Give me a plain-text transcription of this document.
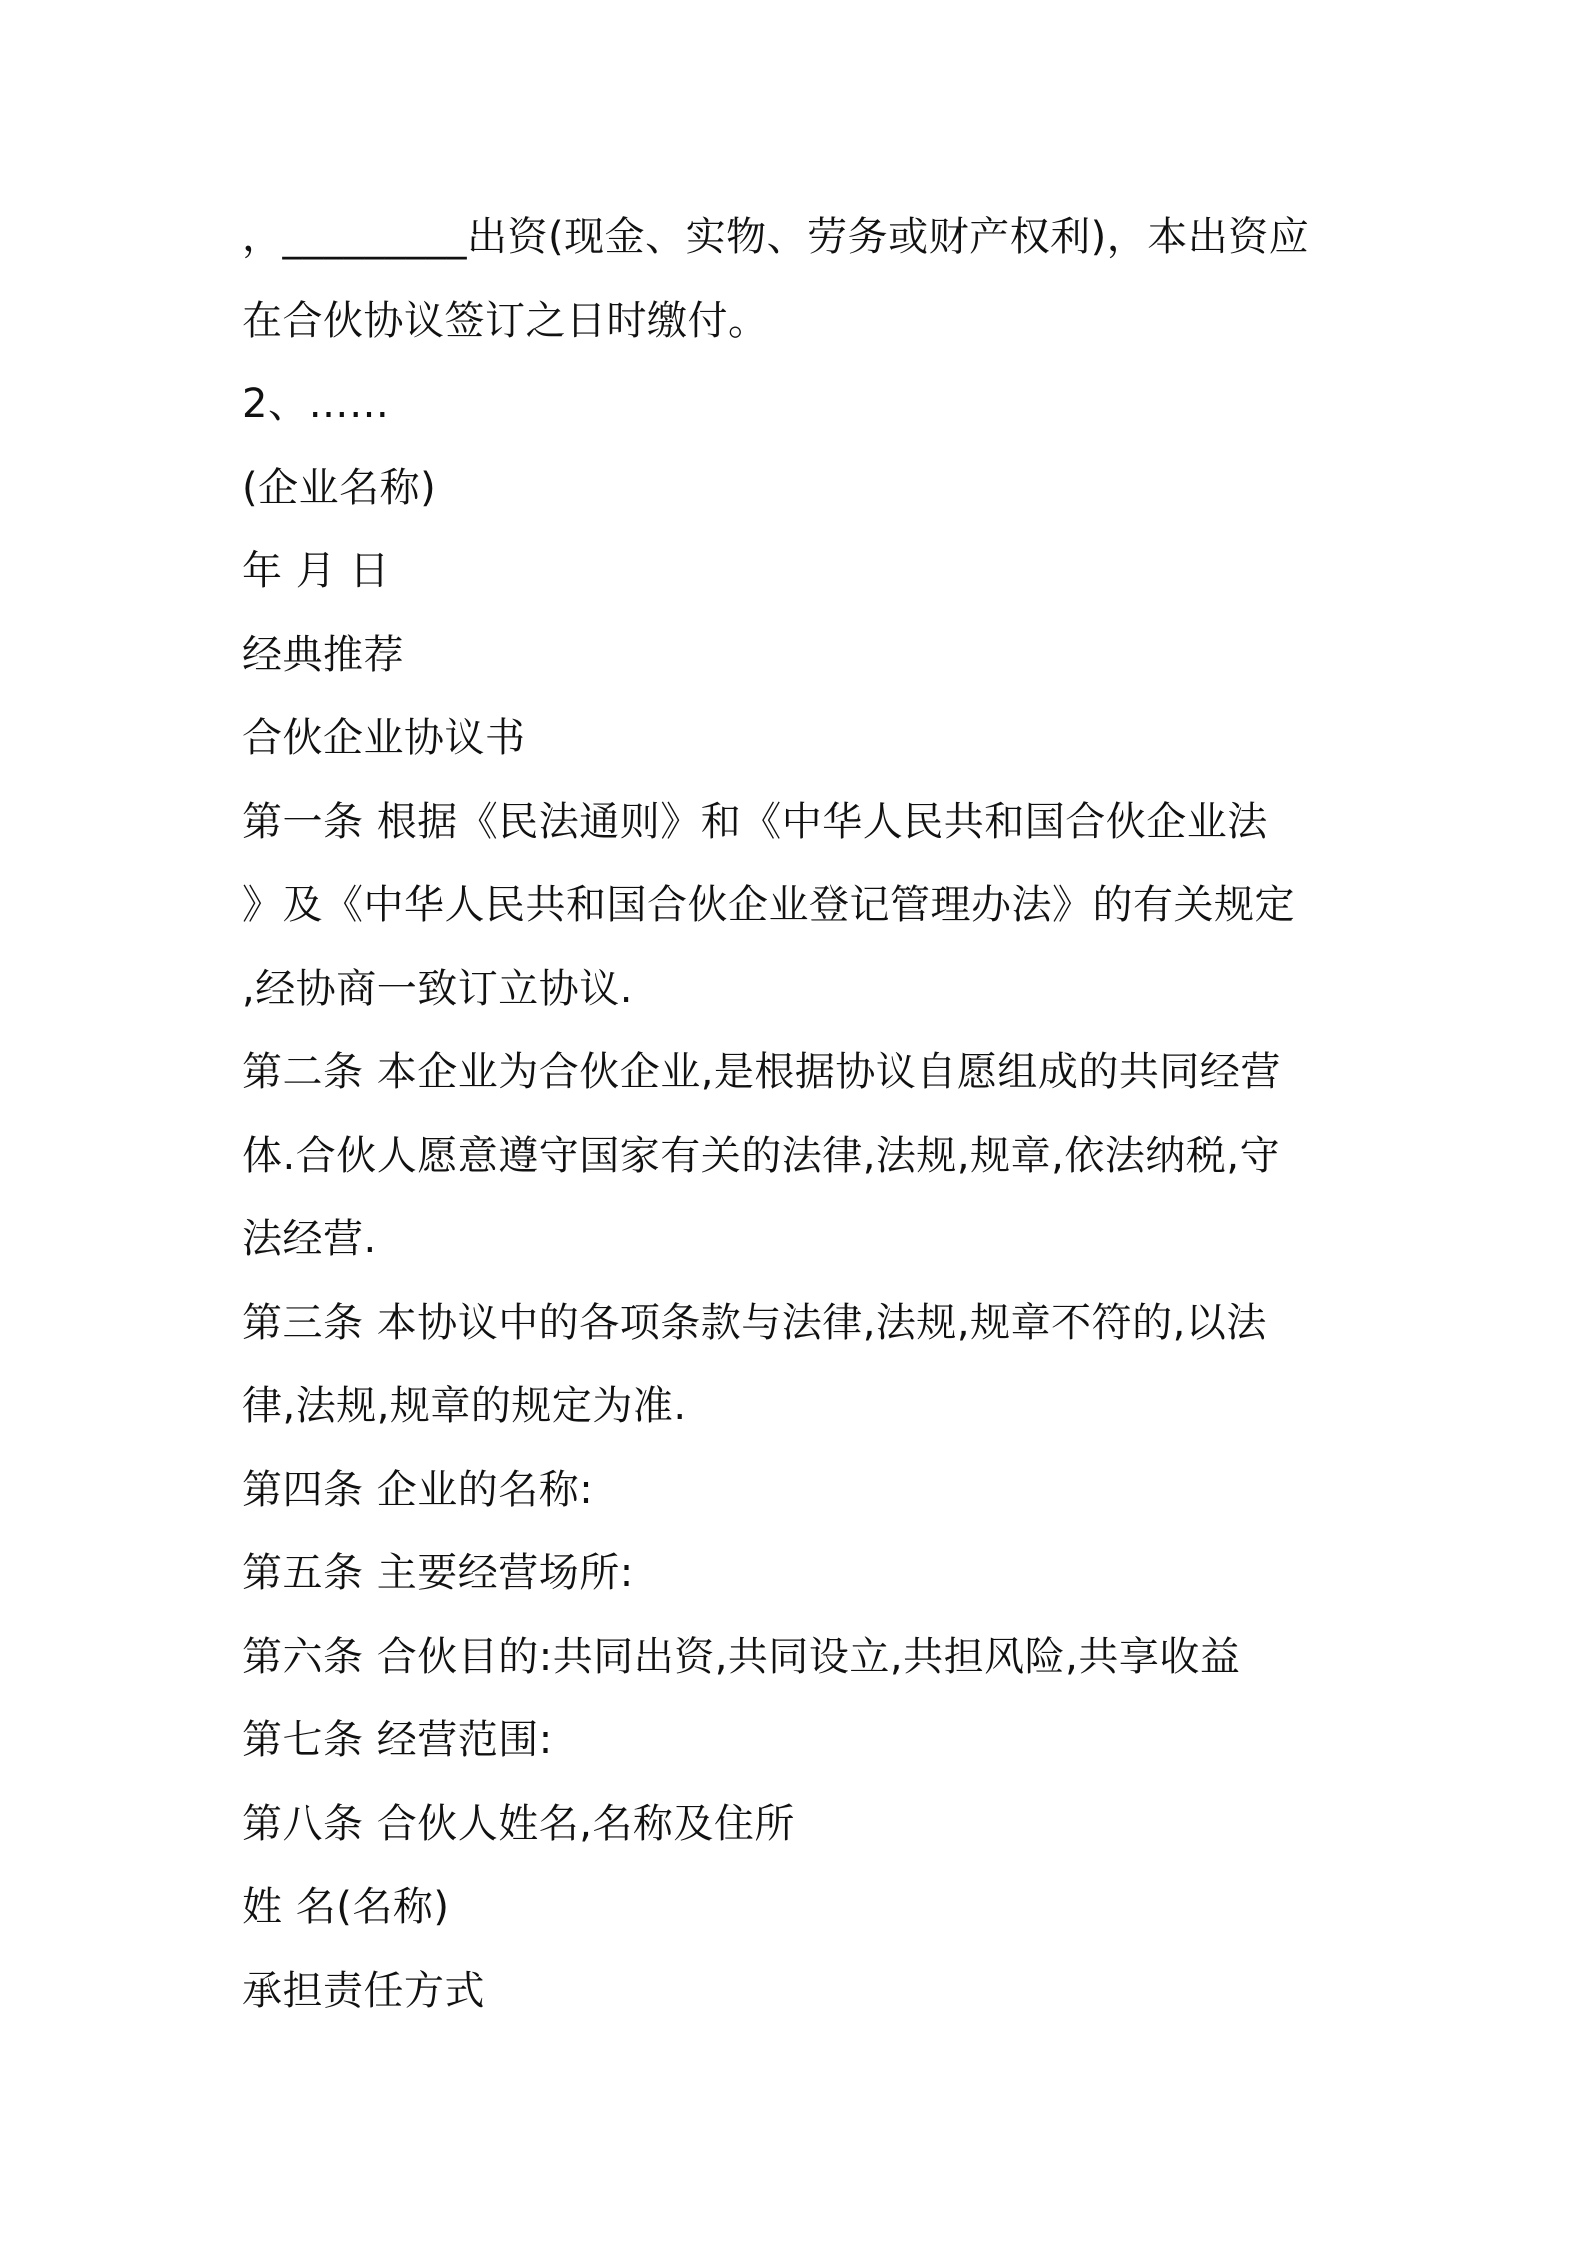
，_________出资(现金、实物、劳务或财产权利)，本出资应
在合伙协议签订之日时缴付。
2、……
(企业名称)
年 月 日
经典推荐
合伙企业协议书
第一条 根据《民法通则》和《中华人民共和国合伙企业法
》及《中华人民共和国合伙企业登记管理办法》的有关规定
,经协商一致订立协议.
第二条 本企业为合伙企业,是根据协议自愿组成的共同经营
体.合伙人愿意遵守国家有关的法律,法规,规章,依法纳税,守
法经营.
第三条 本协议中的各项条款与法律,法规,规章不符的,以法
律,法规,规章的规定为准.
第四条 企业的名称:
第五条 主要经营场所:
第六条 合伙目的:共同出资,共同设立,共担风险,共享收益
第七条 经营范围:
第八条 合伙人姓名,名称及住所
姓 名(名称)
承担责任方式
